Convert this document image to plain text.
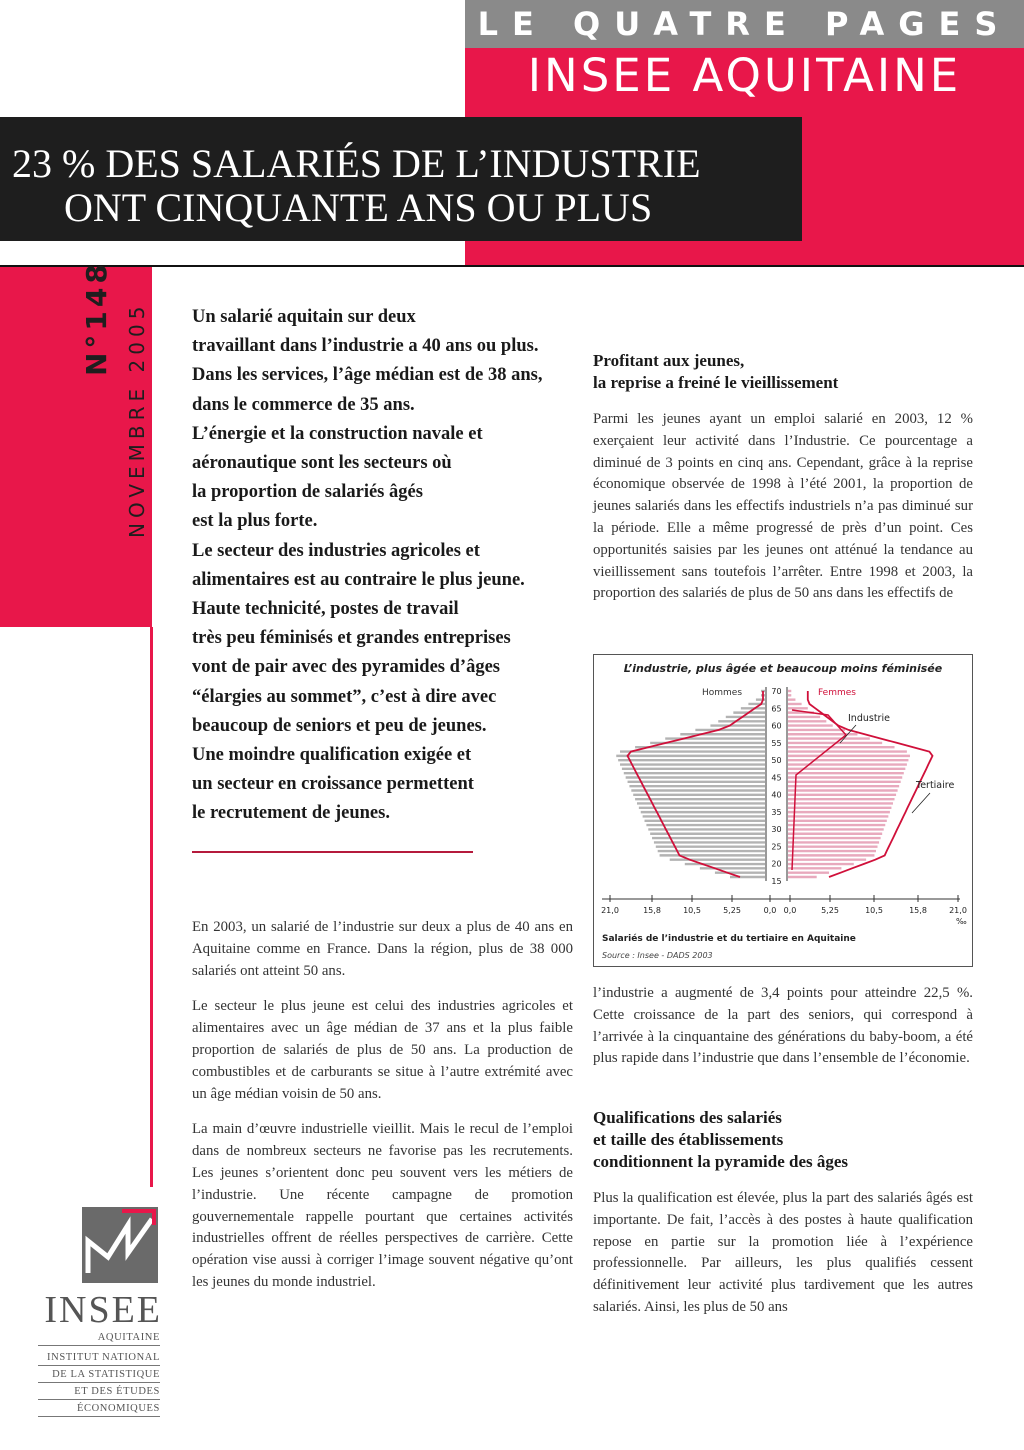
LE QUATRE PAGES
INSEE AQUITAINE
23 % DES SALARIÉS DE L’INDUSTRIE
ONT CINQUANTE ANS OU PLUS
N°148 NOVEMBRE 2005 Un salarié aquitain sur deux

travaillant dans l’industrie a 40 ans ou plus.

Dans les services, l’âge médian est de 38 ans,

dans le commerce de 35 ans.

L’énergie et la construction navale et

aéronautique sont les secteurs où

la proportion de salariés âgés

est la plus forte.

Le secteur des industries agricoles et

alimentaires est au contraire le plus jeune.

Haute technicité, postes de travail

très peu féminisés et grandes entreprises

vont de pair avec des pyramides d’âges

“élargies au sommet”, c’est à dire avec

beaucoup de seniors et peu de jeunes.

Une moindre qualification exigée et

un secteur en croissance permettent

le recrutement de jeunes.

En 2003, un salarié de l’industrie sur deux a plus de 40 ans en Aquitaine comme en France. Dans la région, plus de 38 000 salariés ont atteint 50 ans.

Le secteur le plus jeune est celui des industries agricoles et alimentaires avec un âge médian de 37 ans et la plus faible proportion de salariés de plus de 50 ans. La production de combustibles et de carburants se situe à l’autre extrémité avec un âge médian voisin de 50 ans.

La main d’œuvre industrielle vieillit. Mais le recul de l’emploi dans de nombreux secteurs ne favorise pas les recrutements. Les jeunes s’orientent donc peu souvent vers les métiers de l’industrie. Une récente campagne de promotion gouvernementale rappelle pourtant que certaines activités industrielles offrent de réelles perspectives de carrière. Cette opération vise aussi à corriger l’image souvent négative qu’ont les jeunes du monde industriel.

Profitant aux jeunes,

la reprise a freiné le vieillissement

Parmi les jeunes ayant un emploi salarié en 2003, 12 % exerçaient leur activité dans l’Industrie. Ce pourcentage a diminué de 3 points en cinq ans. Cependant, grâce à la reprise économique observée de 1998 à l’été 2001, la proportion de jeunes salariés dans les effectifs industriels n’a pas diminué sur la période. Elle a même progressé de près d’un point. Ces opportunités saisies par les jeunes ont atténué la tendance au vieillissement sans toutefois l’arrêter. Entre 1998 et 2003, la proportion des salariés de plus de 50 ans dans les effectifs de

L’industrie, plus âgée et beaucoup moins féminisée
Hommes	Femmes
15
20
25
30
35
40
45
50
55
60
65
70
Industrie
Tertiaire
21,0	15,8	10,5	5,25	0,0 0,0	5,25	10,5	15,8	21,0
‰
Salariés de l’industrie et du tertiaire en Aquitaine
Source : Insee - DADS 2003

l’industrie a augmenté de 3,4 points pour atteindre 22,5 %. Cette croissance de la part des seniors, qui correspond à l’arrivée à la cinquantaine des générations du baby-boom, a été plus rapide dans l’industrie que dans l’ensemble de l’économie.

Qualifications des salariés

et taille des établissements

conditionnent la pyramide des âges

Plus la qualification est élevée, plus la part des salariés âgés est importante. De fait, l’accès à des postes à haute qualification repose en partie sur la promotion liée à l’expérience professionnelle. Par ailleurs, les plus qualifiés cessent définitivement leur activité plus tardivement que les autres salariés. Ainsi, les plus de 50 ans

INSEE
AQUITAINE
INSTITUT NATIONAL
DE LA STATISTIQUE
ET DES ÉTUDES
ÉCONOMIQUES
